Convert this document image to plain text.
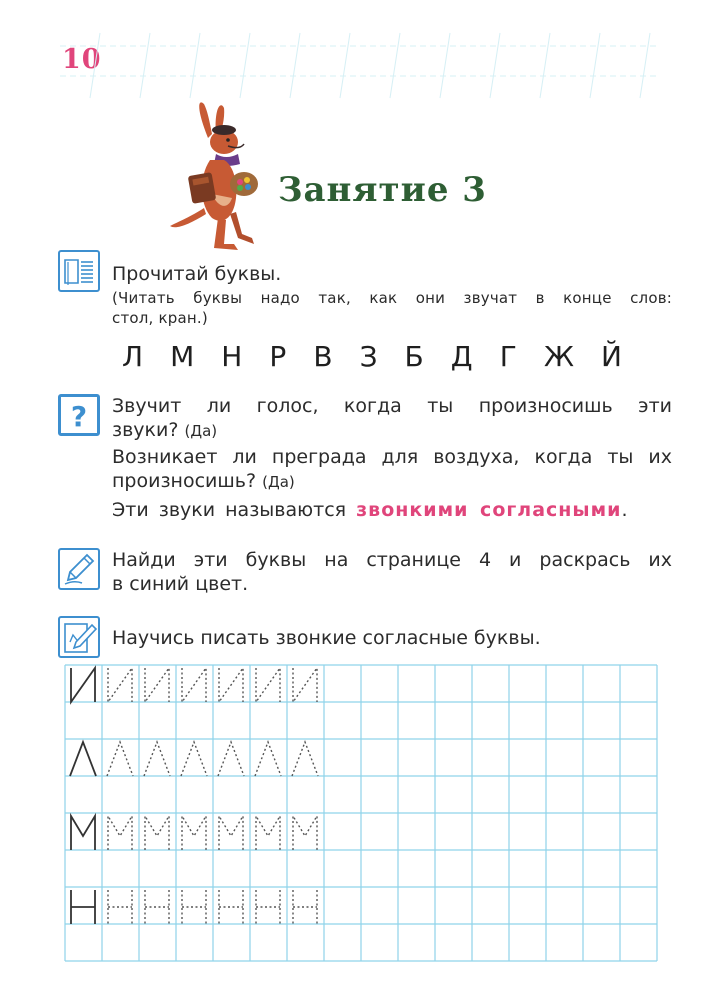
10
Занятие 3
Прочитай буквы.
(Читать буквы надо так, как они звучат в конце слов:
стол, кран.)
Л М Н Р В З Б Д Г Ж Й
? Звучит ли голос, когда ты произносишь эти
звуки? (Да)
Возникает ли преграда для воздуха, когда ты их
произносишь? (Да)
Эти звуки называются звонкими согласными.
Найди эти буквы на странице 4 и раскрась их
в синий цвет.
Научись писать звонкие согласные буквы.
